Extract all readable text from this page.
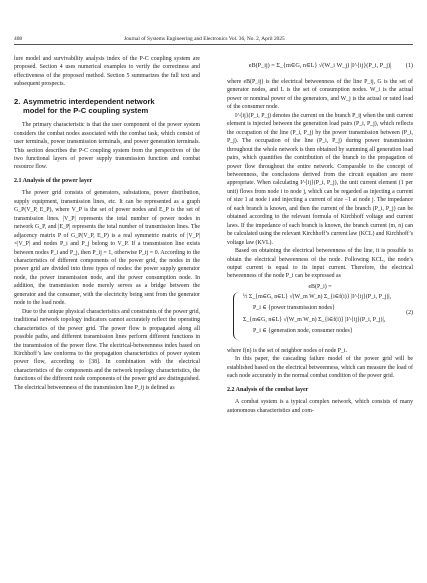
408	Journal of Systems Engineering and Electronics Vol. 36, No. 2, April 2025

lure model and survivability analysis index of the P-C coupling system are proposed. Section 4 uses numerical examples to verify the correctness and effectiveness of the proposed method. Section 5 summarizes the full text and subsequent prospects.

2. Asymmetric interdependent network
model for the P-C coupling system

The primary characteristic is that the user component of the power system considers the combat nodes associated with the combat task, which consist of user terminals, power transmission terminals, and power generation terminals. This section describes the P-C coupling system from the perspectives of the two functional layers of power supply transmission function and combat resource flow.

2.1 Analysis of the power layer

The power grid consists of generators, substations, power distribution, supply equipment, transmission lines, etc. It can be represented as a graph G_P(V_P, E_P), where V_P is the set of power nodes and E_P is the set of transmission lines. |V_P| represents the total number of power nodes in network G_P, and |E_P| represents the total number of transmission lines. The adjacency matrix P of G_P(V_P, E_P) is a real symmetric matrix of |V_P|×|V_P| and nodes P_i and P_j belong to V_P. If a transmission line exists between nodes P_i and P_j, then P_ij = 1, otherwise P_ij = 0. According to the characteristics of different components of the power grid, the nodes in the power grid are divided into three types of nodes: the power supply generator node, the power transmission node, and the power consumption node. In addition, the transmission node merely serves as a bridge between the generator and the consumer, with the electricity being sent from the generator node to the load node.

Due to the unique physical characteristics and constraints of the power grid, traditional network topology indicators cannot accurately reflect the operating characteristics of the power grid. The power flow is propagated along all possible paths, and different transmission lines perform different functions in the transmission of the power flow. The electrical-betweenness index based on Kirchhoff’s law conforms to the propagation characteristics of power system power flow, according to [38]. In combination with the electrical characteristics of the components and the network topology characteristics, the functions of the different node components of the power grid are distinguished. The electrical betweenness of the transmission line P_ij is defined as

eB(P_ij) = Σ_{m∈G, n∈L} √(W_i W_j) |I^{ij}(P_i, P_j)| (1)

where eB(P_ij) is the electrical betweenness of the line P_ij, G is the set of generator nodes, and L is the set of consumption nodes. W_i is the actual power or nominal power of the generators, and W_j is the actual or rated load of the consumer node.

I^{ij}(P_i, P_j) denotes the current on the branch P_ij when the unit current element is injected between the generation load pairs (P_i, P_j), which reflects the occupation of the line (P_i, P_j) by the power transmission between (P_i, P_j). The occupation of the line (P_i, P_j) during power transmission throughout the whole network is then obtained by summing all generation load pairs, which quantifies the contribution of the branch to the propagation of power flow throughout the entire network. Comparable to the concept of betweenness, the conclusions derived from the circuit equation are more appropriate. When calculating I^{ij}(P_i, P_j), the unit current element (1 per unit) flows from node i to node j, which can be regarded as injecting a current of size 1 at node i and injecting a current of size −1 at node j. The impedance of each branch is known, and then the current of the branch (P_i, P_j) can be obtained according to the relevant formula of Kirchhoff voltage and current laws. If the impedance of each branch is known, the branch current (m, n) can be calculated using the relevant Kirchhoff’s current law (KCL) and Kirchhoff’s voltage law (KVL).

Based on obtaining the electrical betweenness of the line, it is possible to obtain the electrical betweenness of the node. Following KCL, the node’s output current is equal to its input current. Therefore, the electrical betweenness of the node P_i can be expressed as

eB(P_i) =
½ Σ_{m∈G, n∈L} √(W_m W_n) Σ_{i∈f(i)} |I^{ij}(P_i, P_j)|,
P_i ∈ {power transmission nodes}
Σ_{m∈G, n∈L} √(W_m W_n) Σ_{i∈f(i)} |I^{ij}(P_i, P_j)|,
P_i ∈ {generation node, consumer nodes}
(2)

where f(n) is the set of neighbor nodes of node P_i.

In this paper, the cascading failure model of the power grid will be established based on the electrical betweenness, which can measure the load of each node accurately in the normal combat condition of the power grid.

2.2 Analysis of the combat layer

A combat system is a typical complex network, which consists of many autonomous characteristics and com-
